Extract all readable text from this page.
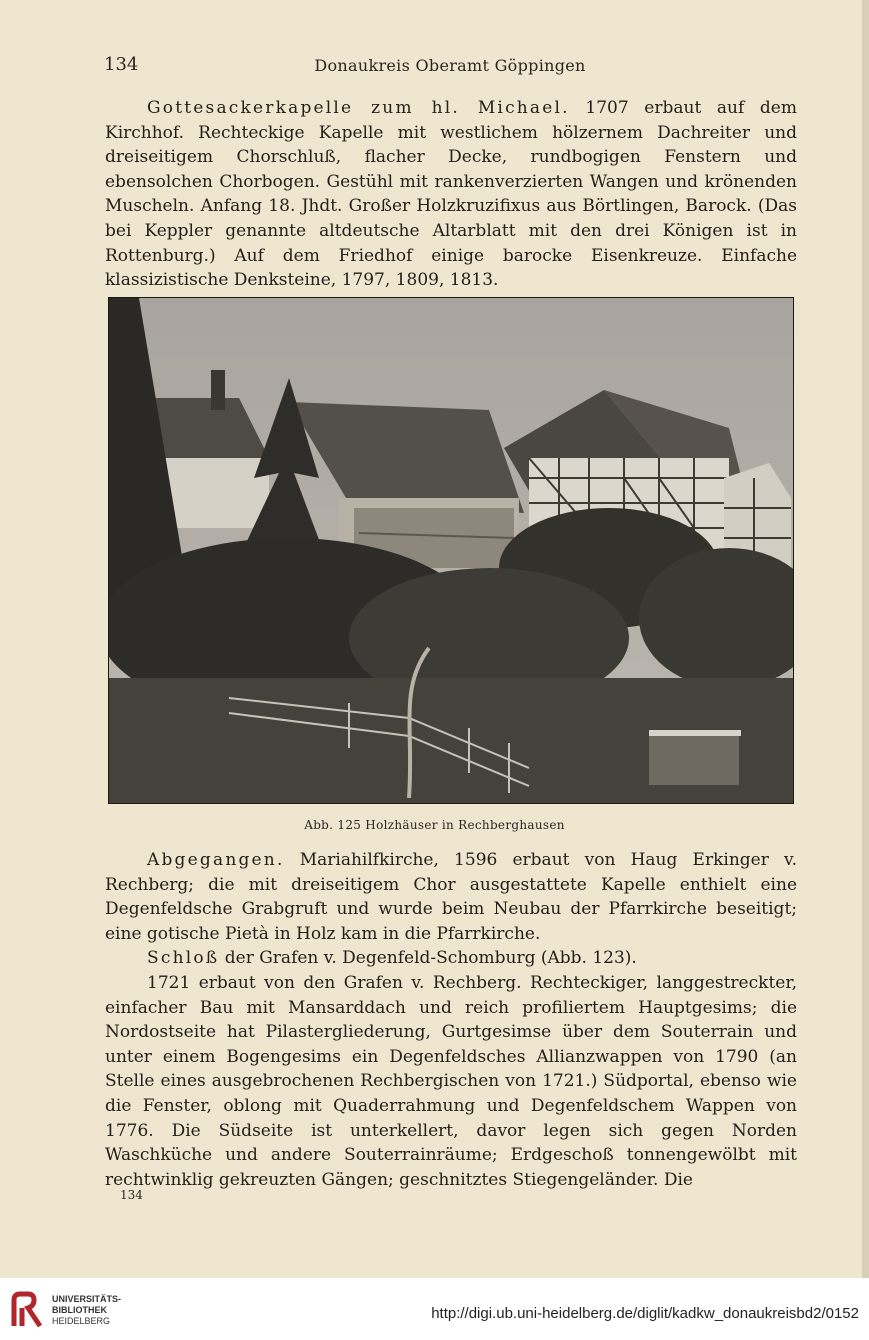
134	Donaukreis Oberamt Göppingen

Gottesackerkapelle zum hl. Michael. 1707 erbaut auf dem Kirchhof. Rechteckige Kapelle mit westlichem hölzernem Dachreiter und dreiseitigem Chorschluß, flacher Decke, rundbogigen Fenstern und ebensolchen Chorbogen. Gestühl mit rankenverzierten Wangen und krönenden Muscheln. Anfang 18. Jhdt. Großer Holzkruzifixus aus Börtlingen, Barock. (Das bei Keppler genannte altdeutsche Altarblatt mit den drei Königen ist in Rottenburg.) Auf dem Friedhof einige barocke Eisenkreuze. Einfache klassizistische Denksteine, 1797, 1809, 1813.

Abb. 125 Holzhäuser in Rechberghausen

Abgegangen. Mariahilfkirche, 1596 erbaut von Haug Erkinger v. Rechberg; die mit dreiseitigem Chor ausgestattete Kapelle enthielt eine Degenfeldsche Grabgruft und wurde beim Neubau der Pfarrkirche beseitigt; eine gotische Pietà in Holz kam in die Pfarrkirche.

Schloß der Grafen v. Degenfeld-Schomburg (Abb. 123).

1721 erbaut von den Grafen v. Rechberg. Rechteckiger, langgestreckter, einfacher Bau mit Mansarddach und reich profiliertem Hauptgesims; die Nordostseite hat Pilastergliederung, Gurtgesimse über dem Souterrain und unter einem Bogengesims ein Degenfeldsches Allianzwappen von 1790 (an Stelle eines ausgebrochenen Rechbergischen von 1721.) Südportal, ebenso wie die Fenster, oblong mit Quaderrahmung und Degenfeldschem Wappen von 1776. Die Südseite ist unterkellert, davor legen sich gegen Norden Waschküche und andere Souterrainräume; Erdgeschoß tonnengewölbt mit rechtwinklig gekreuzten Gängen; geschnitztes Stiegengeländer. Die

134
UNIVERSITÄTS-
BIBLIOTHEK
HEIDELBERG	http://digi.ub.uni-heidelberg.de/diglit/kadkw_donaukreisbd2/0152
